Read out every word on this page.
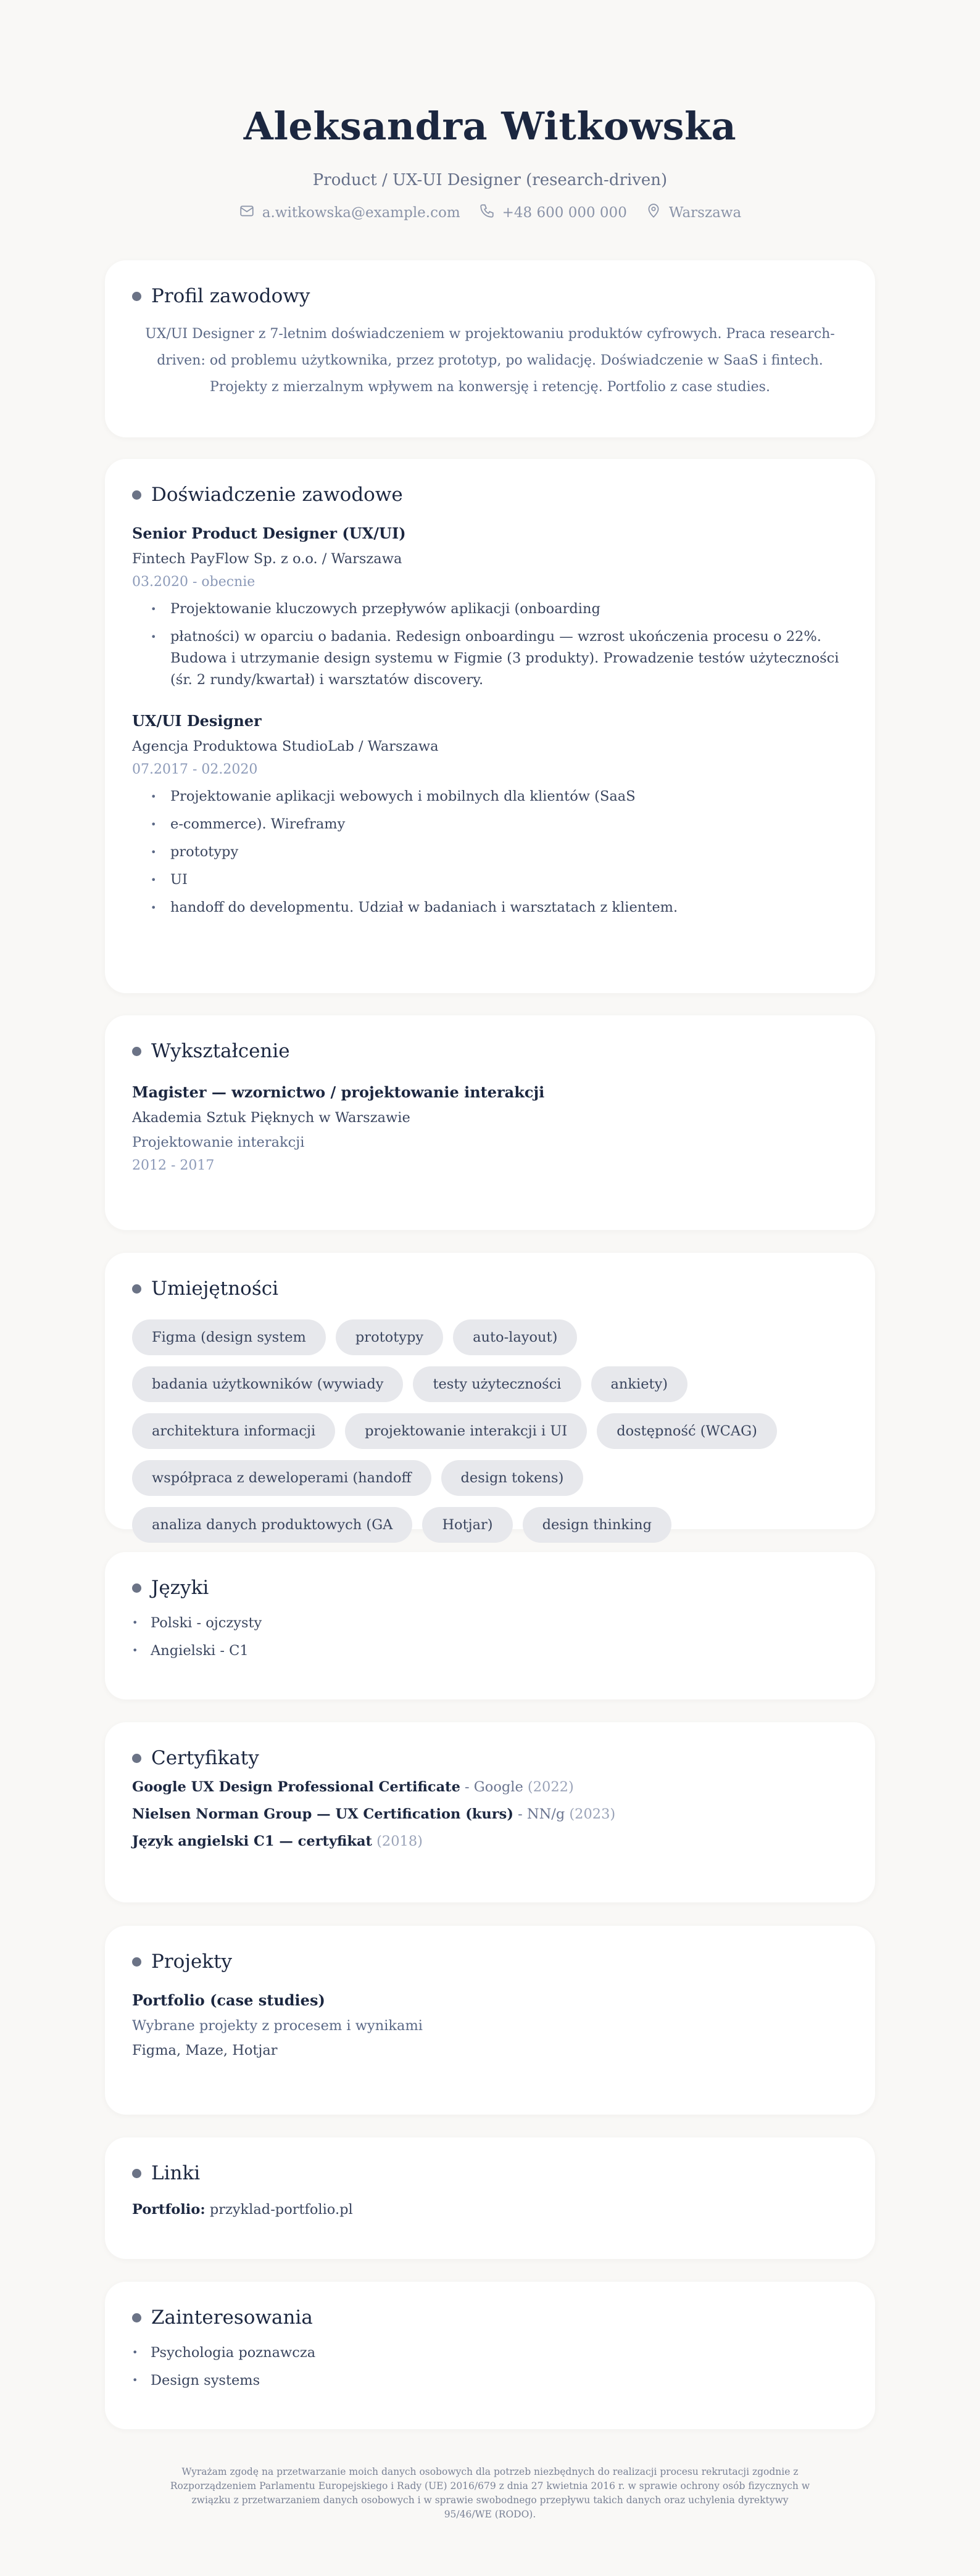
Aleksandra Witkowska
Product / UX-UI Designer (research-driven)
a.witkowska@example.com	+48 600 000 000	Warszawa
Profil zawodowy

UX/UI Designer z 7-letnim doświadczeniem w projektowaniu produktów cyfrowych. Praca research-driven: od problemu użytkownika, przez prototyp, po walidację. Doświadczenie w SaaS i fintech. Projekty z mierzalnym wpływem na konwersję i retencję. Portfolio z case studies.

Doświadczenie zawodowe
Senior Product Designer (UX/UI)
Fintech PayFlow Sp. z o.o. / Warszawa
03.2020 - obecnie
• Projektowanie kluczowych przepływów aplikacji (onboarding
• płatności) w oparciu o badania. Redesign onboardingu — wzrost ukończenia procesu o 22%. Budowa i utrzymanie design systemu w Figmie (3 produkty). Prowadzenie testów użyteczności (śr. 2 rundy/kwartał) i warsztatów discovery.
UX/UI Designer
Agencja Produktowa StudioLab / Warszawa
07.2017 - 02.2020
• Projektowanie aplikacji webowych i mobilnych dla klientów (SaaS
• e-commerce). Wireframy
• prototypy
• UI
• handoff do developmentu. Udział w badaniach i warsztatach z klientem.
Wykształcenie
Magister — wzornictwo / projektowanie interakcji
Akademia Sztuk Pięknych w Warszawie
Projektowanie interakcji
2012 - 2017
Umiejętności
Figma (design system	prototypy	auto-layout)
badania użytkowników (wywiady	testy użyteczności	ankiety)
architektura informacji	projektowanie interakcji i UI	dostępność (WCAG)
współpraca z deweloperami (handoff	design tokens)
analiza danych produktowych (GA	Hotjar)	design thinking
Języki
• Polski - ojczysty
• Angielski - C1
Certyfikaty
Google UX Design Professional Certificate - Google (2022)
Nielsen Norman Group — UX Certification (kurs) - NN/g (2023)
Język angielski C1 — certyfikat (2018)
Projekty
Portfolio (case studies)
Wybrane projekty z procesem i wynikami
Figma, Maze, Hotjar
Linki
Portfolio: przyklad-portfolio.pl
Zainteresowania
• Psychologia poznawcza
• Design systems

Wyrażam zgodę na przetwarzanie moich danych osobowych dla potrzeb niezbędnych do realizacji procesu rekrutacji zgodnie z Rozporządzeniem Parlamentu Europejskiego i Rady (UE) 2016/679 z dnia 27 kwietnia 2016 r. w sprawie ochrony osób fizycznych w związku z przetwarzaniem danych osobowych i w sprawie swobodnego przepływu takich danych oraz uchylenia dyrektywy 95/46/WE (RODO).
